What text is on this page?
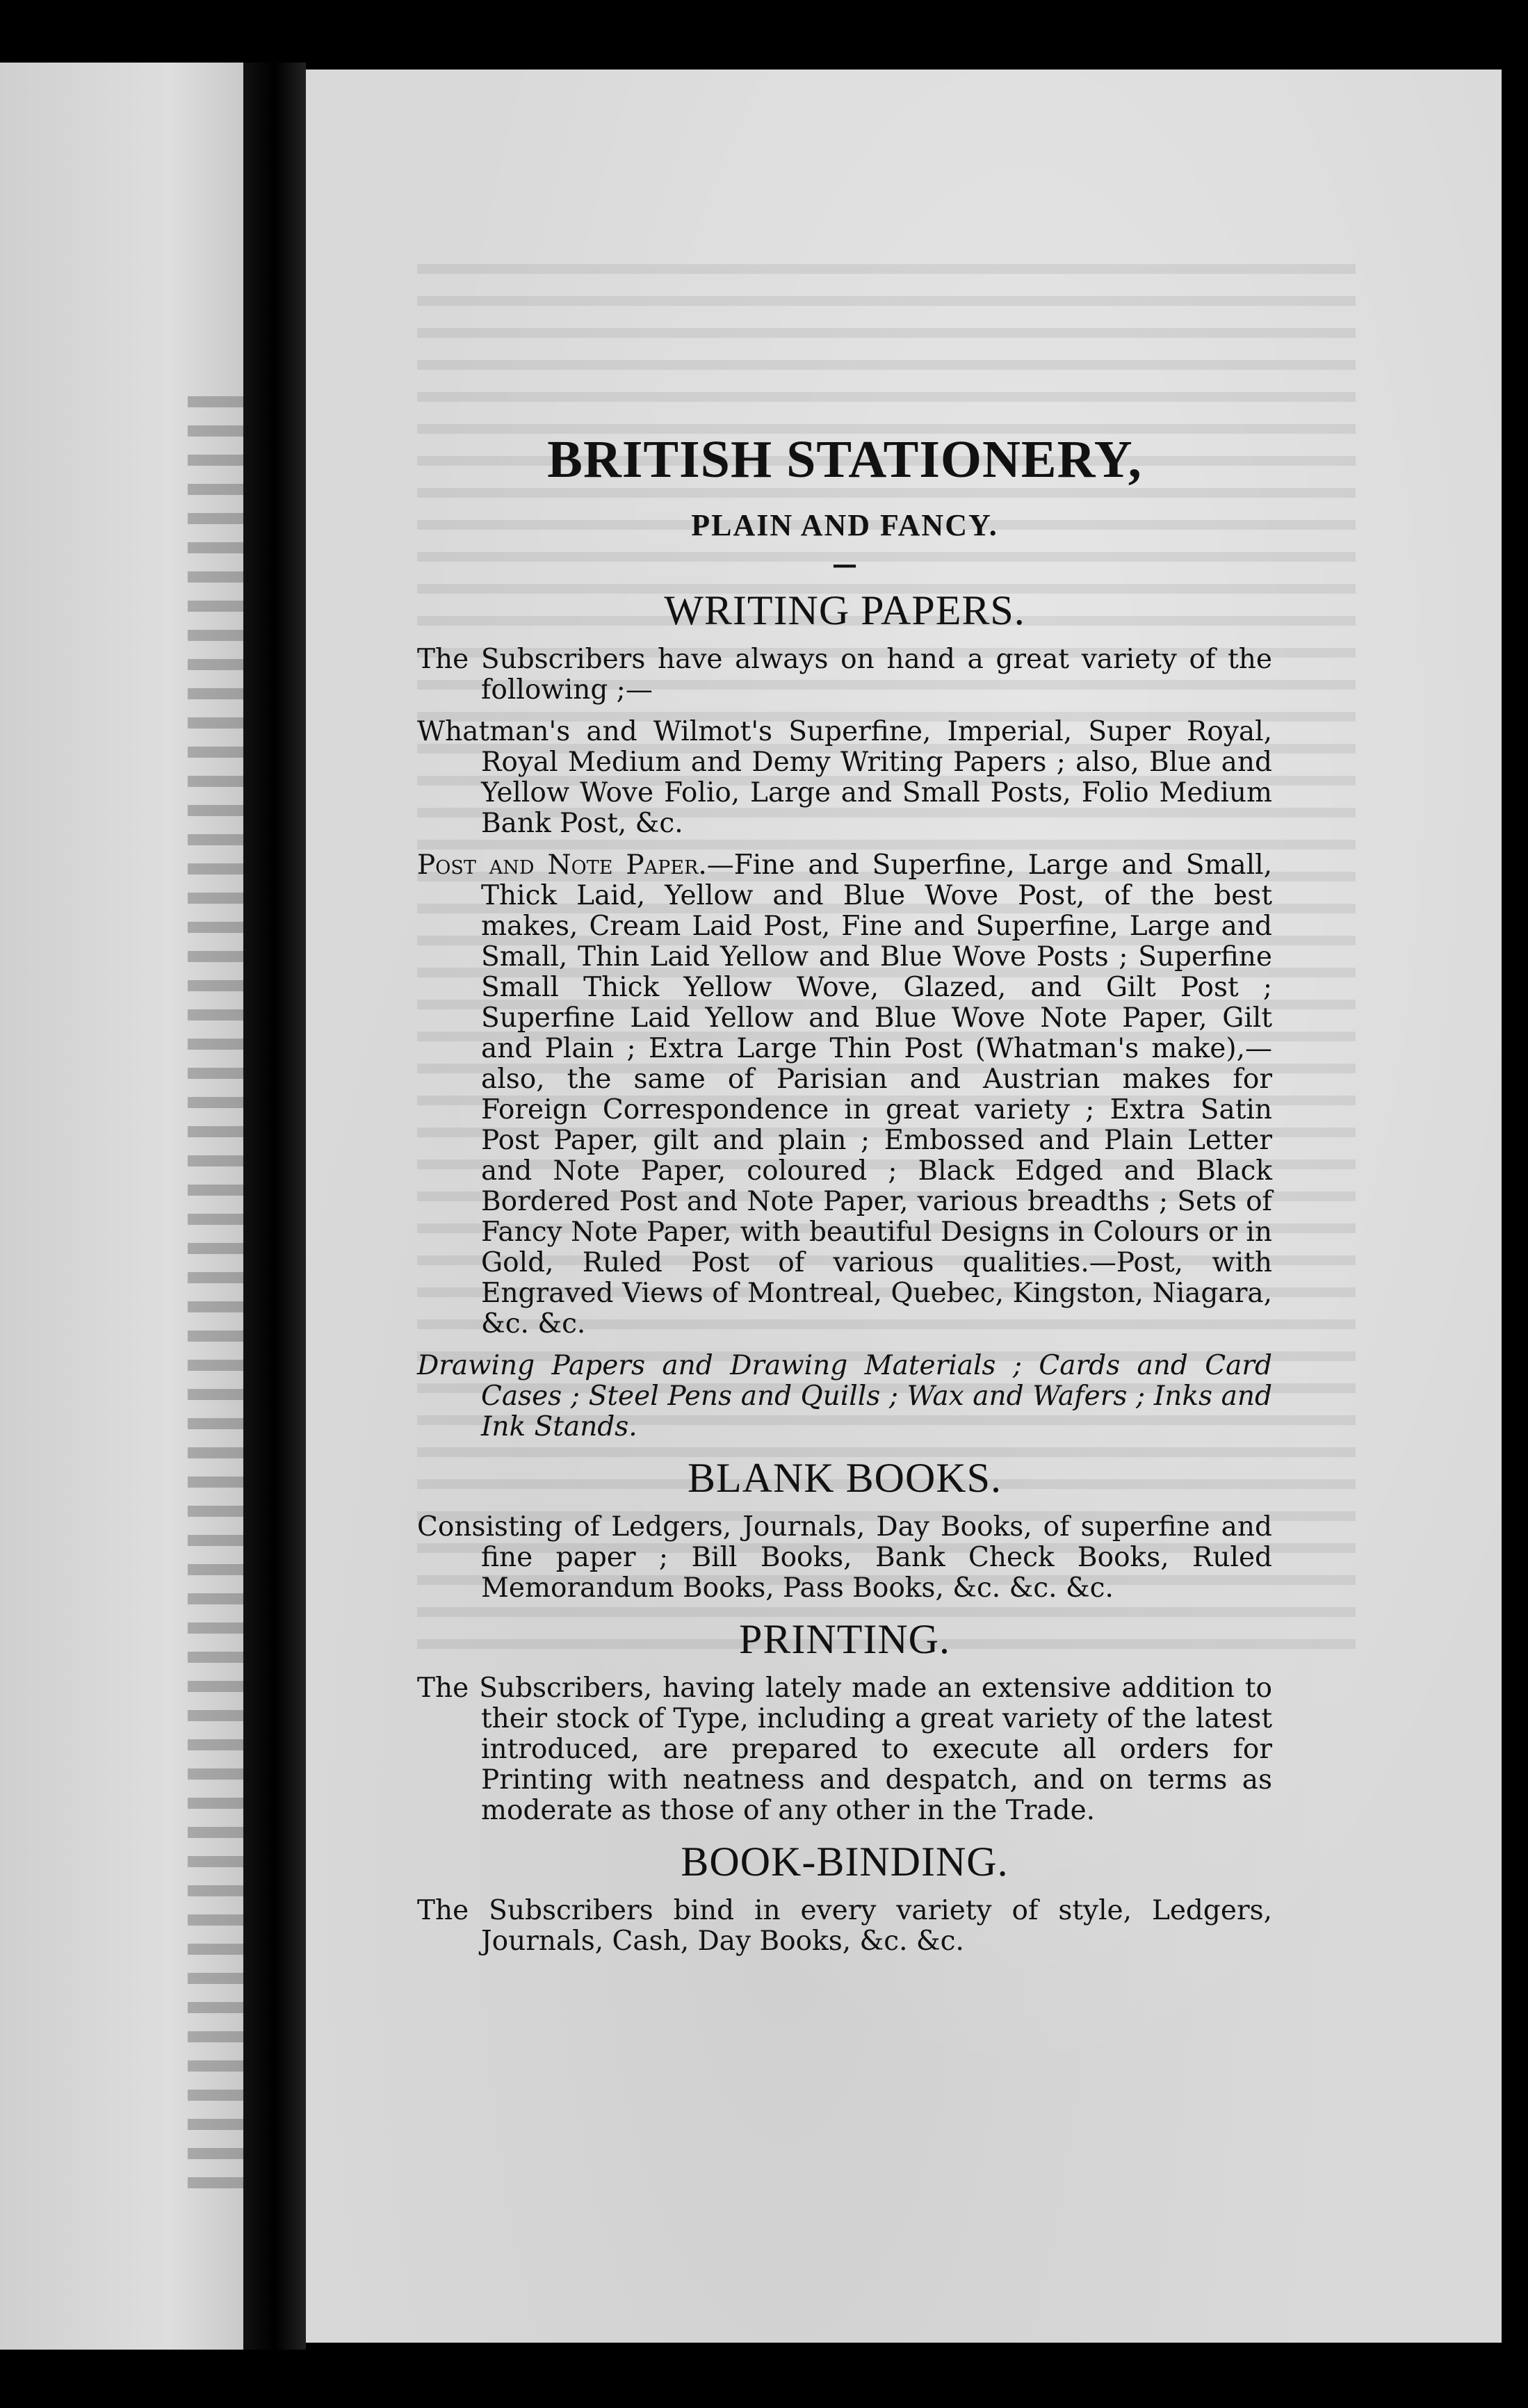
BRITISH STATIONERY,
PLAIN AND FANCY.
—
WRITING PAPERS.

The Subscribers have always on hand a great variety of the following ;—

Whatman's and Wilmot's Superfine, Imperial, Super Royal, Royal Medium and Demy Writing Papers ; also, Blue and Yellow Wove Folio, Large and Small Posts, Folio Medium Bank Post, &c.

Post and Note Paper.—Fine and Superfine, Large and Small, Thick Laid, Yellow and Blue Wove Post, of the best makes, Cream Laid Post, Fine and Superfine, Large and Small, Thin Laid Yellow and Blue Wove Posts ; Superfine Small Thick Yellow Wove, Glazed, and Gilt Post ; Superfine Laid Yellow and Blue Wove Note Paper, Gilt and Plain ; Extra Large Thin Post (Whatman's make),—also, the same of Parisian and Austrian makes for Foreign Correspondence in great variety ; Extra Satin Post Paper, gilt and plain ; Embossed and Plain Letter and Note Paper, coloured ; Black Edged and Black Bordered Post and Note Paper, various breadths ; Sets of Fancy Note Paper, with beautiful Designs in Colours or in Gold, Ruled Post of various qualities.—Post, with Engraved Views of Montreal, Quebec, Kingston, Niagara, &c. &c.

Drawing Papers and Drawing Materials ; Cards and Card Cases ; Steel Pens and Quills ; Wax and Wafers ; Inks and Ink Stands.

BLANK BOOKS.

Consisting of Ledgers, Journals, Day Books, of superfine and fine paper ; Bill Books, Bank Check Books, Ruled Memorandum Books, Pass Books, &c. &c. &c.

PRINTING.

The Subscribers, having lately made an extensive addition to their stock of Type, including a great variety of the latest introduced, are prepared to execute all orders for Printing with neatness and despatch, and on terms as moderate as those of any other in the Trade.

BOOK-BINDING.

The Subscribers bind in every variety of style, Ledgers, Journals, Cash, Day Books, &c. &c.
